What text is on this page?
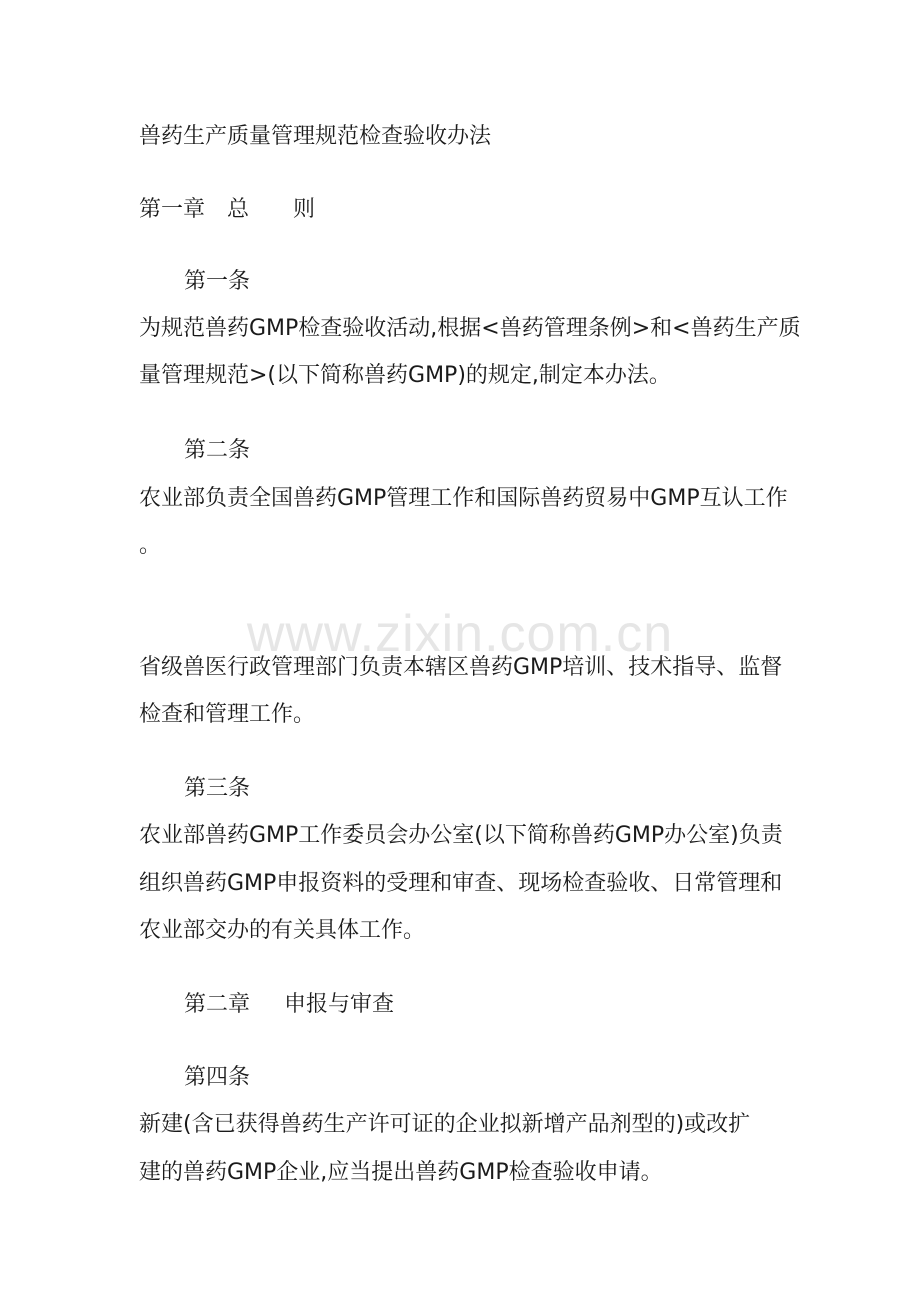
兽药生产质量管理规范检查验收办法
第一章 总 则
第一条
为规范兽药GMP检查验收活动,根据<兽药管理条例>和<兽药生产质
量管理规范>(以下简称兽药GMP)的规定,制定本办法。
第二条
农业部负责全国兽药GMP管理工作和国际兽药贸易中GMP互认工作
。
www.zixin.com.cn
省级兽医行政管理部门负责本辖区兽药GMP培训、技术指导、监督
检查和管理工作。
第三条
农业部兽药GMP工作委员会办公室(以下简称兽药GMP办公室)负责
组织兽药GMP申报资料的受理和审查、现场检查验收、日常管理和
农业部交办的有关具体工作。
第二章 申报与审查
第四条
新建(含已获得兽药生产许可证的企业拟新增产品剂型的)或改扩
建的兽药GMP企业,应当提出兽药GMP检查验收申请。
